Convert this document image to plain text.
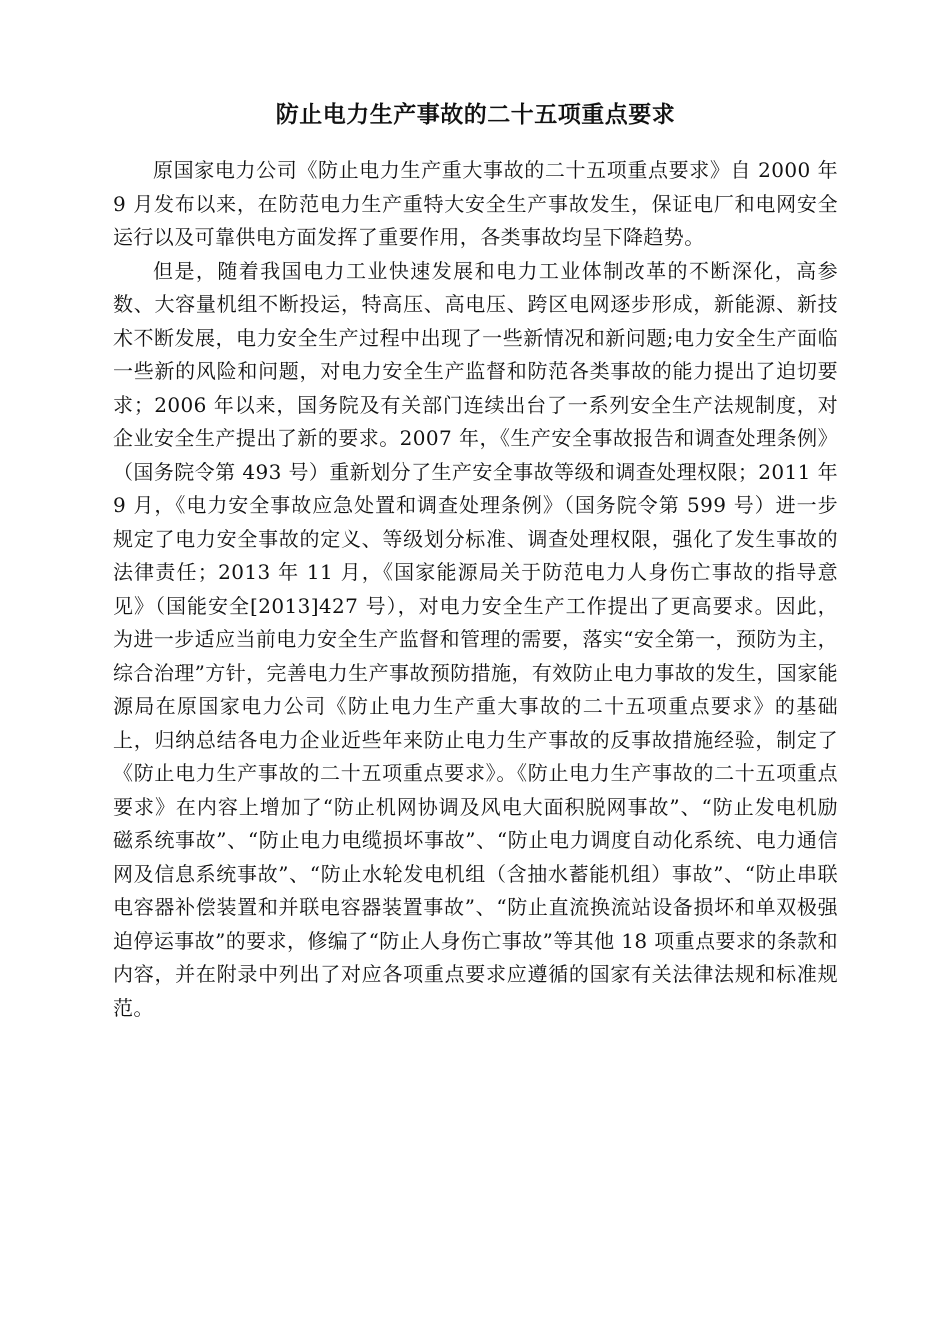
防止电力生产事故的二十五项重点要求

原国家电力公司《防止电力生产重大事故的二十五项重点要求》自 2000 年 9 月发布以来，在防范电力生产重特大安全生产事故发生，保证电厂和电网安全运行以及可靠供电方面发挥了重要作用，各类事故均呈下降趋势。

但是，随着我国电力工业快速发展和电力工业体制改革的不断深化，高参数、大容量机组不断投运，特高压、高电压、跨区电网逐步形成，新能源、新技术不断发展，电力安全生产过程中出现了一些新情况和新问题;电力安全生产面临一些新的风险和问题，对电力安全生产监督和防范各类事故的能力提出了迫切要求；2006 年以来，国务院及有关部门连续出台了一系列安全生产法规制度，对企业安全生产提出了新的要求。2007 年，《生产安全事故报告和调查处理条例》（国务院令第 493 号）重新划分了生产安全事故等级和调查处理权限；2011 年 9 月，《电力安全事故应急处置和调查处理条例》（国务院令第 599 号）进一步规定了电力安全事故的定义、等级划分标准、调查处理权限，强化了发生事故的法律责任；2013 年 11 月，《国家能源局关于防范电力人身伤亡事故的指导意见》（国能安全[2013]427 号），对电力安全生产工作提出了更高要求。因此，为进一步适应当前电力安全生产监督和管理的需要，落实“安全第一，预防为主，综合治理”方针，完善电力生产事故预防措施，有效防止电力事故的发生，国家能源局在原国家电力公司《防止电力生产重大事故的二十五项重点要求》的基础上，归纳总结各电力企业近些年来防止电力生产事故的反事故措施经验，制定了《防止电力生产事故的二十五项重点要求》。《防止电力生产事故的二十五项重点要求》在内容上增加了“防止机网协调及风电大面积脱网事故”、“防止发电机励磁系统事故”、“防止电力电缆损坏事故”、“防止电力调度自动化系统、电力通信网及信息系统事故”、“防止水轮发电机组（含抽水蓄能机组）事故”、“防止串联电容器补偿装置和并联电容器装置事故”、“防止直流换流站设备损坏和单双极强迫停运事故”的要求，修编了“防止人身伤亡事故”等其他 18 项重点要求的条款和内容，并在附录中列出了对应各项重点要求应遵循的国家有关法律法规和标准规范。
